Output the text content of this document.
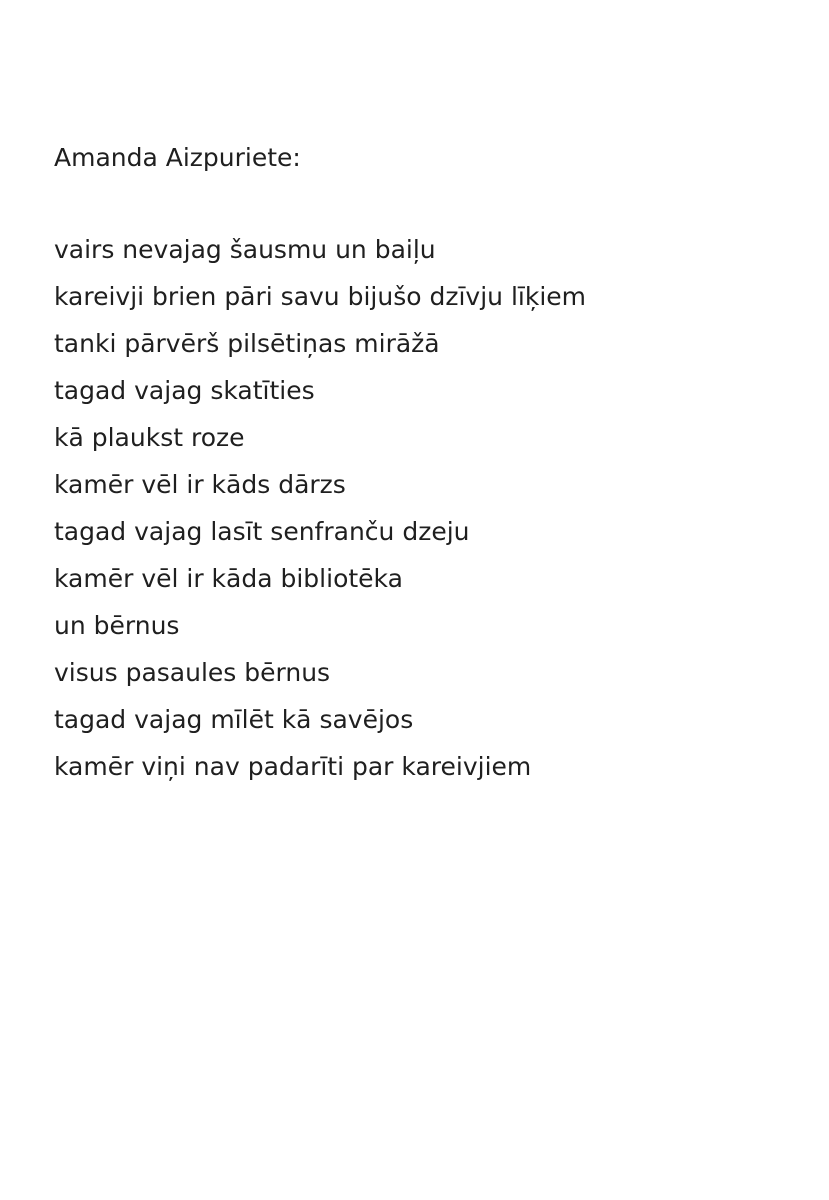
Amanda Aizpuriete:

vairs nevajag šausmu un baiļu
kareivji brien pāri savu bijušo dzīvju līķiem
tanki pārvērš pilsētiņas mirāžā
tagad vajag skatīties
kā plaukst roze
kamēr vēl ir kāds dārzs
tagad vajag lasīt senfranču dzeju
kamēr vēl ir kāda bibliotēka
un bērnus
visus pasaules bērnus
tagad vajag mīlēt kā savējos
kamēr viņi nav padarīti par kareivjiem
